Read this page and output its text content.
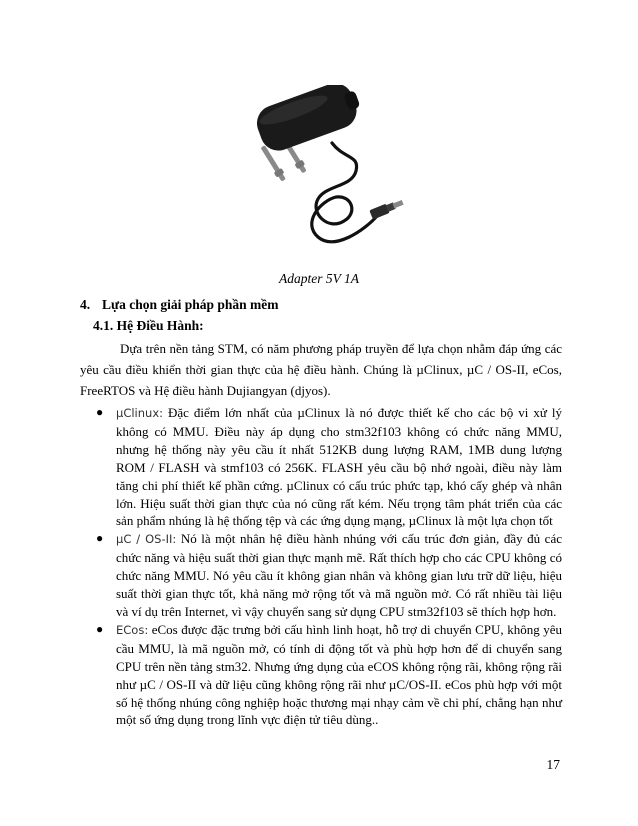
Adapter 5V 1A
4. Lựa chọn giải pháp phần mềm
4.1. Hệ Điều Hành:

Dựa trên nền tảng STM, có năm phương pháp truyền để lựa chọn nhằm đáp ứng các yêu cầu điều khiển thời gian thực của hệ điều hành. Chúng là µClinux, µC / OS-II, eCos, FreeRTOS và Hệ điều hành Dujiangyan (djyos).

● µClinux: Đặc điểm lớn nhất của µClinux là nó được thiết kế cho các bộ vi xử lý không có MMU. Điều này áp dụng cho stm32f103 không có chức năng MMU, nhưng hệ thống này yêu cầu ít nhất 512KB dung lượng RAM, 1MB dung lượng ROM / FLASH và stmf103 có 256K. FLASH yêu cầu bộ nhớ ngoài, điều này làm tăng chi phí thiết kế phần cứng. µClinux có cấu trúc phức tạp, khó cấy ghép và nhân lớn. Hiệu suất thời gian thực của nó cũng rất kém. Nếu trọng tâm phát triển của các sản phẩm nhúng là hệ thống tệp và các ứng dụng mạng, µClinux là một lựa chọn tốt
● µC / OS-II: Nó là một nhân hệ điều hành nhúng với cấu trúc đơn giản, đầy đủ các chức năng và hiệu suất thời gian thực mạnh mẽ. Rất thích hợp cho các CPU không có chức năng MMU. Nó yêu cầu ít không gian nhân và không gian lưu trữ dữ liệu, hiệu suất thời gian thực tốt, khả năng mở rộng tốt và mã nguồn mở. Có rất nhiều tài liệu và ví dụ trên Internet, vì vậy chuyển sang sử dụng CPU stm32f103 sẽ thích hợp hơn.
● ECos: eCos được đặc trưng bởi cấu hình linh hoạt, hỗ trợ di chuyển CPU, không yêu cầu MMU, là mã nguồn mở, có tính di động tốt và phù hợp hơn để di chuyển sang CPU trên nền tảng stm32. Nhưng ứng dụng của eCOS không rộng rãi, không rộng rãi như µC / OS-II và dữ liệu cũng không rộng rãi như µC/OS-II. eCos phù hợp với một số hệ thống nhúng công nghiệp hoặc thương mại nhạy cảm về chi phí, chẳng hạn như một số ứng dụng trong lĩnh vực điện tử tiêu dùng..
17
